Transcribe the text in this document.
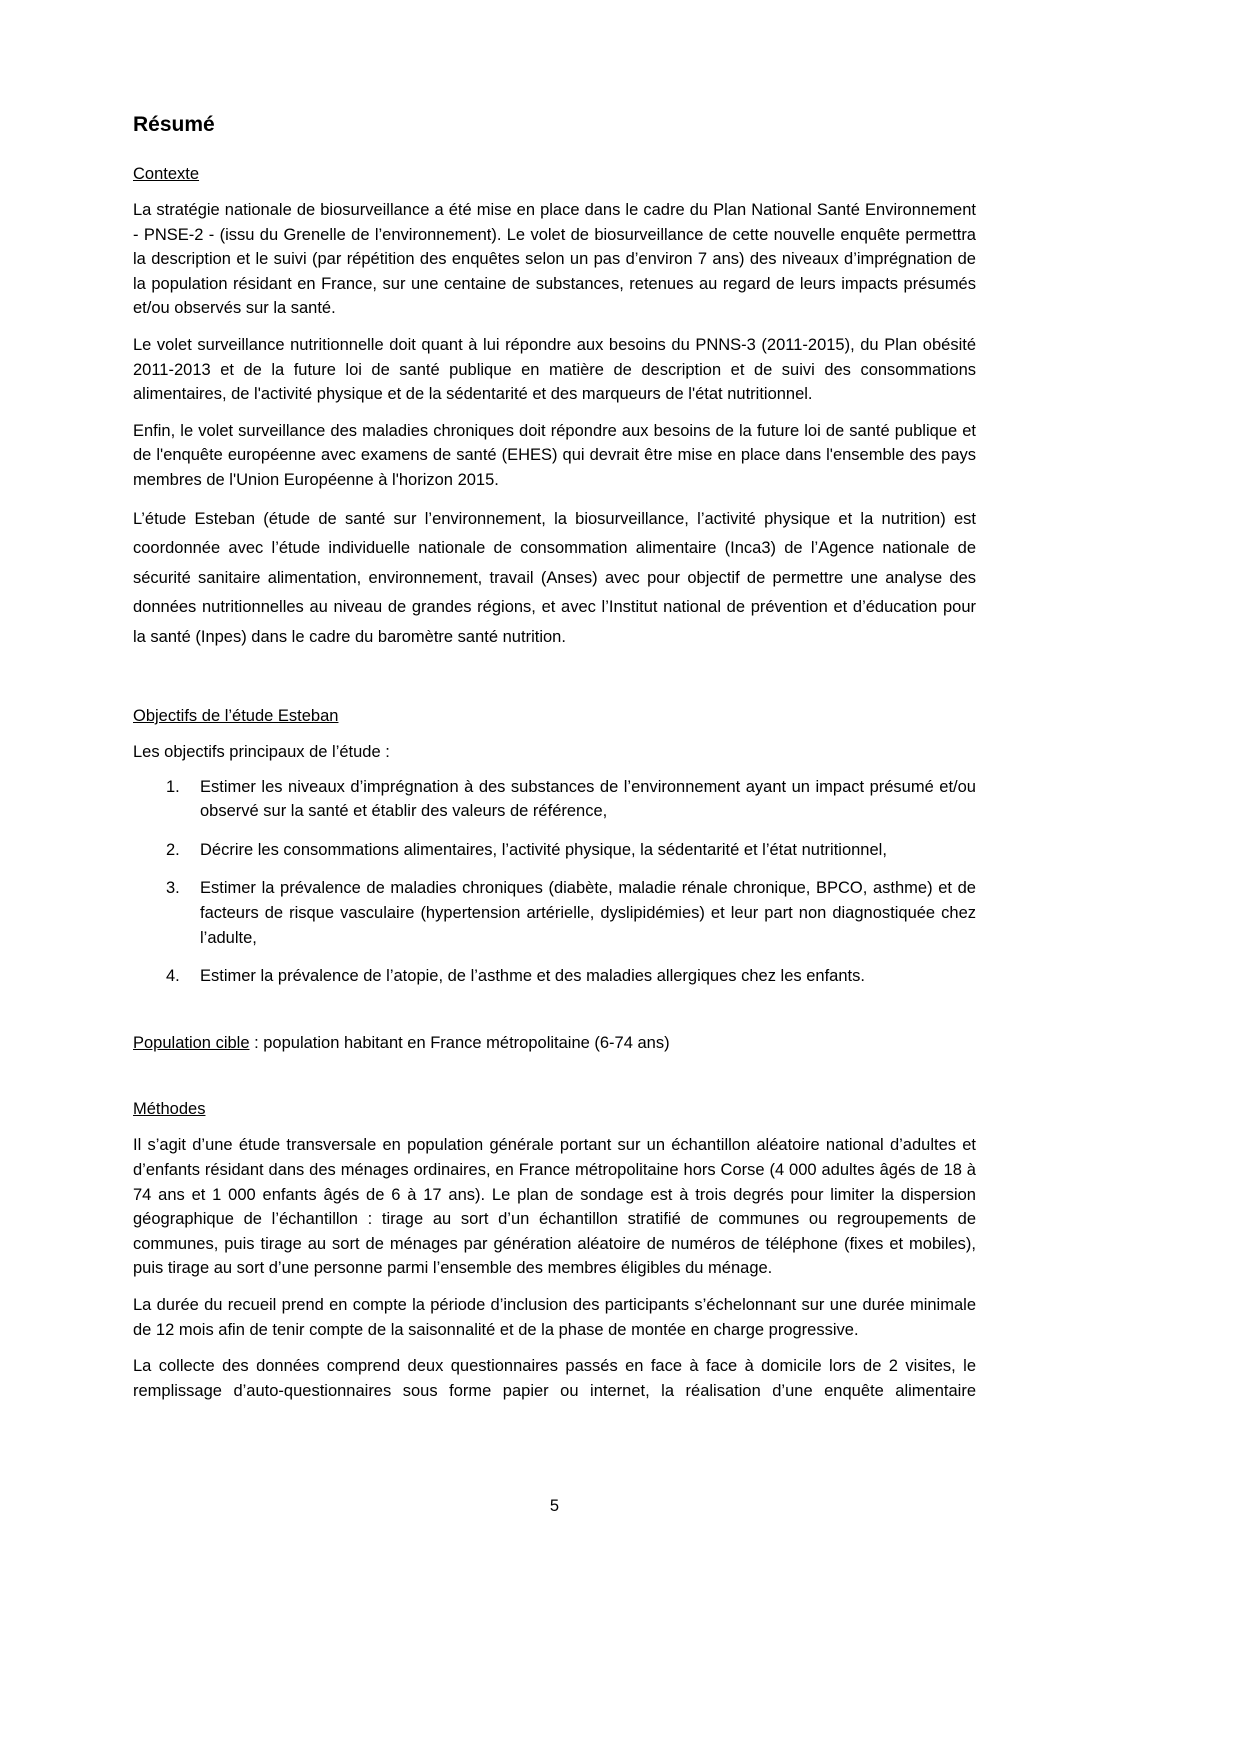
Résumé
Contexte

La stratégie nationale de biosurveillance a été mise en place dans le cadre du Plan National Santé Environnement - PNSE-2 - (issu du Grenelle de l’environnement). Le volet de biosurveillance de cette nouvelle enquête permettra la description et le suivi (par répétition des enquêtes selon un pas d’environ 7 ans) des niveaux d’imprégnation de la population résidant en France, sur une centaine de substances, retenues au regard de leurs impacts présumés et/ou observés sur la santé.

Le volet surveillance nutritionnelle doit quant à lui répondre aux besoins du PNNS-3 (2011-2015), du Plan obésité 2011-2013 et de la future loi de santé publique en matière de description et de suivi des consommations alimentaires, de l'activité physique et de la sédentarité et des marqueurs de l'état nutritionnel.

Enfin, le volet surveillance des maladies chroniques doit répondre aux besoins de la future loi de santé publique et de l'enquête européenne avec examens de santé (EHES) qui devrait être mise en place dans l'ensemble des pays membres de l'Union Européenne à l'horizon 2015.

L’étude Esteban (étude de santé sur l’environnement, la biosurveillance, l’activité physique et la nutrition) est coordonnée avec l’étude individuelle nationale de consommation alimentaire (Inca3) de l’Agence nationale de sécurité sanitaire alimentation, environnement, travail (Anses) avec pour objectif de permettre une analyse des données nutritionnelles au niveau de grandes régions, et avec l’Institut national de prévention et d’éducation pour la santé (Inpes) dans le cadre du baromètre santé nutrition.

Objectifs de l’étude Esteban

Les objectifs principaux de l’étude :

1.	Estimer les niveaux d’imprégnation à des substances de l’environnement ayant un impact présumé et/ou observé sur la santé et établir des valeurs de référence,
2.	Décrire les consommations alimentaires, l’activité physique, la sédentarité et l’état nutritionnel,
3.	Estimer la prévalence de maladies chroniques (diabète, maladie rénale chronique, BPCO, asthme) et de facteurs de risque vasculaire (hypertension artérielle, dyslipidémies) et leur part non diagnostiquée chez l’adulte,
4.	Estimer la prévalence de l’atopie, de l’asthme et des maladies allergiques chez les enfants.

Population cible : population habitant en France métropolitaine (6-74 ans)

Méthodes

Il s’agit d’une étude transversale en population générale portant sur un échantillon aléatoire national d’adultes et d’enfants résidant dans des ménages ordinaires, en France métropolitaine hors Corse (4 000 adultes âgés de 18 à 74 ans et 1 000 enfants âgés de 6 à 17 ans). Le plan de sondage est à trois degrés pour limiter la dispersion géographique de l’échantillon : tirage au sort d’un échantillon stratifié de communes ou regroupements de communes, puis tirage au sort de ménages par génération aléatoire de numéros de téléphone (fixes et mobiles), puis tirage au sort d’une personne parmi l’ensemble des membres éligibles du ménage.

La durée du recueil prend en compte la période d’inclusion des participants s’échelonnant sur une durée minimale de 12 mois afin de tenir compte de la saisonnalité et de la phase de montée en charge progressive.

La collecte des données comprend deux questionnaires passés en face à face à domicile lors de 2 visites, le remplissage d’auto-questionnaires sous forme papier ou internet, la réalisation d’une enquête alimentaire

5
